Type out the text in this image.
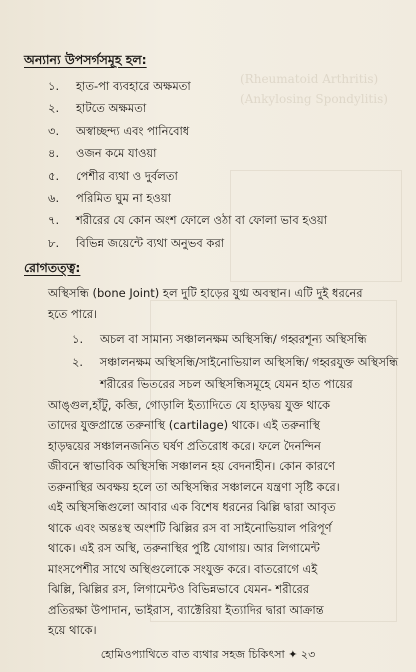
(Rheumatoid Arthritis)
(Ankylosing Spondylitis)
অন্যান্য উপসর্গসমূহ হল:
১. হাত-পা ব্যবহারে অক্ষমতা
২. হাটতে অক্ষমতা
৩. অস্বাচ্ছন্দ্য এবং পানিবোধ
৪. ওজন কমে যাওয়া
৫. পেশীর ব্যথা ও দুর্বলতা
৬. পরিমিত ঘুম না হওয়া
৭. শরীরের যে কোন অংশ ফোলে ওঠা বা ফোলা ভাব হওয়া
৮. বিভিন্ন জয়েন্টে ব্যথা অনুভব করা
রোগতত্ত্ব:
অস্থিসন্ধি (bone Joint) হল দুটি হাড়ের যুগ্ম অবস্থান। এটি দুই ধরনের
হতে পারে।
১. অচল বা সামান্য সঞ্চালনক্ষম অস্থিসন্ধি/ গহ্বরশূন্য অস্থিসন্ধি
২. সঞ্চালনক্ষম অস্থিসন্ধি/সাইনোভিয়াল অস্থিসন্ধি/ গহ্বরযুক্ত অস্থিসন্ধি
শরীরের ভিতরের সচল অস্থিসন্ধিসমূহে যেমন হাত পায়ের
আঙ্গুল,হাঁটু, কব্জি, গোড়ালি ইত্যাদিতে যে হাড়দ্বয় যুক্ত থাকে
তাদের যুক্তপ্রান্তে তরুনাস্থি (cartilage) থাকে। এই তরুনাস্থি
হাড়দ্বয়ের সঞ্চালনজনিত ঘর্ষণ প্রতিরোধ করে। ফলে দৈনন্দিন
জীবনে স্বাভাবিক অস্থিসন্ধি সঞ্চালন হয় বেদনাহীন। কোন কারণে
তরুনাস্থির অবক্ষয় হলে তা অস্থিসন্ধির সঞ্চালনে যন্ত্রণা সৃষ্টি করে।
এই অস্থিসন্ধিগুলো আবার এক বিশেষ ধরনের ঝিল্লি দ্বারা আবৃত
থাকে এবং অন্তঃস্থ অংশটি ঝিল্লির রস বা সাইনোভিয়াল পরিপূর্ণ
থাকে। এই রস অস্থি, তরুনাস্থির পুষ্টি যোগায়। আর লিগামেন্ট
মাংসপেশীর সাথে অস্থিগুলোকে সংযুক্ত করে। বাতরোগে এই
ঝিল্লি, ঝিল্লির রস, লিগামেন্টও বিভিন্নভাবে যেমন- শরীরের
প্রতিরক্ষা উপাদান, ভাইরাস, ব্যাক্টেরিয়া ইত্যাদির দ্বারা আক্রান্ত
হয়ে থাকে।
হোমিওপ্যাথিতে বাত ব্যথার সহজ চিকিৎসা ✦ ২৩
